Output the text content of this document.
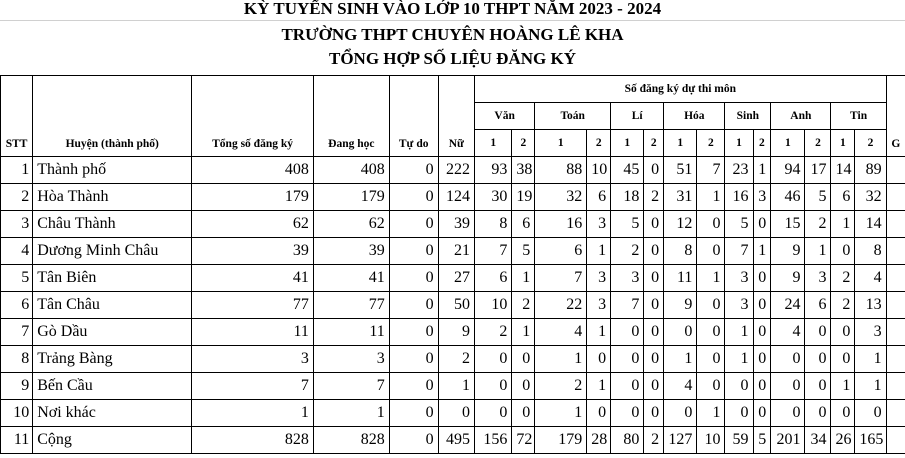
KỲ TUYỂN SINH VÀO LỚP 10 THPT NĂM 2023 - 2024
TRƯỜNG THPT CHUYÊN HOÀNG LÊ KHA
TỔNG HỢP SỐ LIỆU ĐĂNG KÝ
STT	Huyện (thành phố)	Tổng số đăng ký	Đang học	Tự do	Nữ	Số đăng ký dự thi môn														G
						Văn		Toán		Lí		Hóa		Sinh		Anh		Tin		
						1	2	1	2	1	2	1	2	1	2	1	2	1	2	
1	Thành phố	408	408	0	222	93	38	88	10	45	0	51	7	23	1	94	17	14	89	
2	Hòa Thành	179	179	0	124	30	19	32	6	18	2	31	1	16	3	46	5	6	32	
3	Châu Thành	62	62	0	39	8	6	16	3	5	0	12	0	5	0	15	2	1	14	
4	Dương Minh Châu	39	39	0	21	7	5	6	1	2	0	8	0	7	1	9	1	0	8	
5	Tân Biên	41	41	0	27	6	1	7	3	3	0	11	1	3	0	9	3	2	4	
6	Tân Châu	77	77	0	50	10	2	22	3	7	0	9	0	3	0	24	6	2	13	
7	Gò Dầu	11	11	0	9	2	1	4	1	0	0	0	0	1	0	4	0	0	3	
8	Trảng Bàng	3	3	0	2	0	0	1	0	0	0	1	0	1	0	0	0	0	1	
9	Bến Cầu	7	7	0	1	0	0	2	1	0	0	4	0	0	0	0	0	1	1	
10	Nơi khác	1	1	0	0	0	0	1	0	0	0	0	1	0	0	0	0	0	0	
11	Cộng	828	828	0	495	156	72	179	28	80	2	127	10	59	5	201	34	26	165	
